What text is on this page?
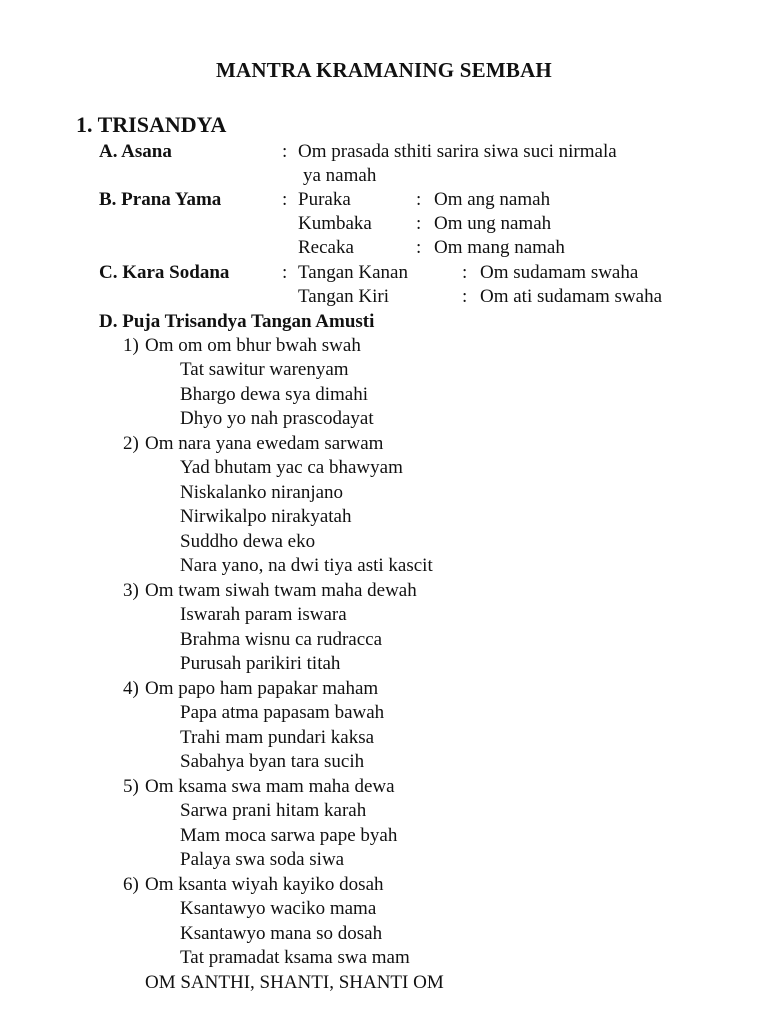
MANTRA KRAMANING SEMBAH
1. TRISANDYA
A. Asana	: Om prasada sthiti sarira siwa suci nirmala
ya namah
B. Prana Yama	: Puraka	: Om ang namah
Kumbaka : Om ung namah
Recaka	: Om mang namah
C. Kara Sodana	: Tangan Kanan	: Om sudamam swaha
Tangan Kiri	: Om ati sudamam swaha
D. Puja Trisandya Tangan Amusti
1) Om om om bhur bwah swah
Tat sawitur warenyam
Bhargo dewa sya dimahi
Dhyo yo nah prascodayat
2) Om nara yana ewedam sarwam
Yad bhutam yac ca bhawyam
Niskalanko niranjano
Nirwikalpo nirakyatah
Suddho dewa eko
Nara yano, na dwi tiya asti kascit
3) Om twam siwah twam maha dewah
Iswarah param iswara
Brahma wisnu ca rudracca
Purusah parikiri titah
4) Om papo ham papakar maham
Papa atma papasam bawah
Trahi mam pundari kaksa
Sabahya byan tara sucih
5) Om ksama swa mam maha dewa
Sarwa prani hitam karah
Mam moca sarwa pape byah
Palaya swa soda siwa
6) Om ksanta wiyah kayiko dosah
Ksantawyo waciko mama
Ksantawyo mana so dosah
Tat pramadat ksama swa mam
OM SANTHI, SHANTI, SHANTI OM
